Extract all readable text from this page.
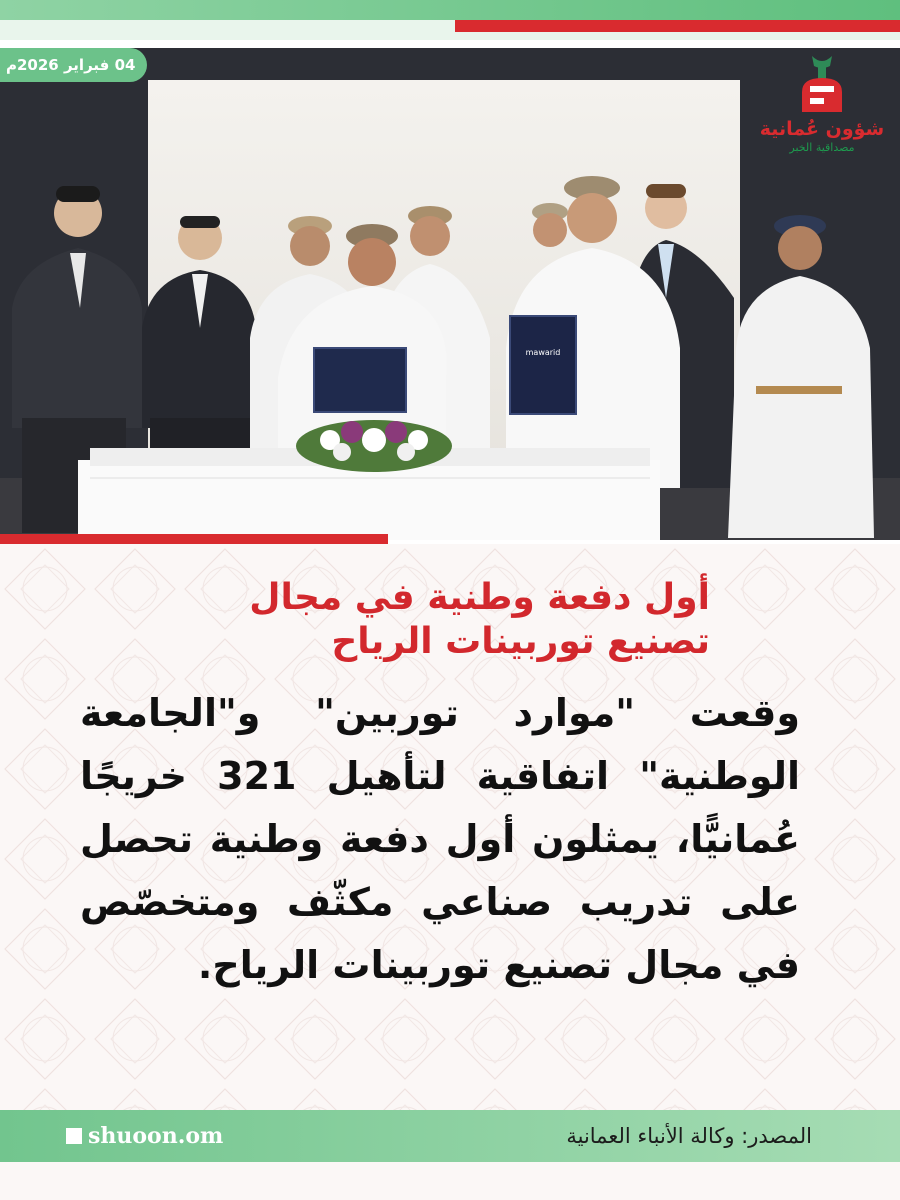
mawarid
04 فبراير 2026م
شؤون عُمانية
مصداقية الخبر
أول دفعة وطنية في مجال
تصنيع توربينات الرياح
وقعت "موارد توربين" و"الجامعة الوطنية" اتفاقية لتأهيل 321 خريجًا عُمانيًّا، يمثلون أول دفعة وطنية تحصل على تدريب صناعي مكثّف ومتخصّص في مجال تصنيع توربينات الرياح.
shuoon.om	المصدر: وكالة الأنباء العمانية
